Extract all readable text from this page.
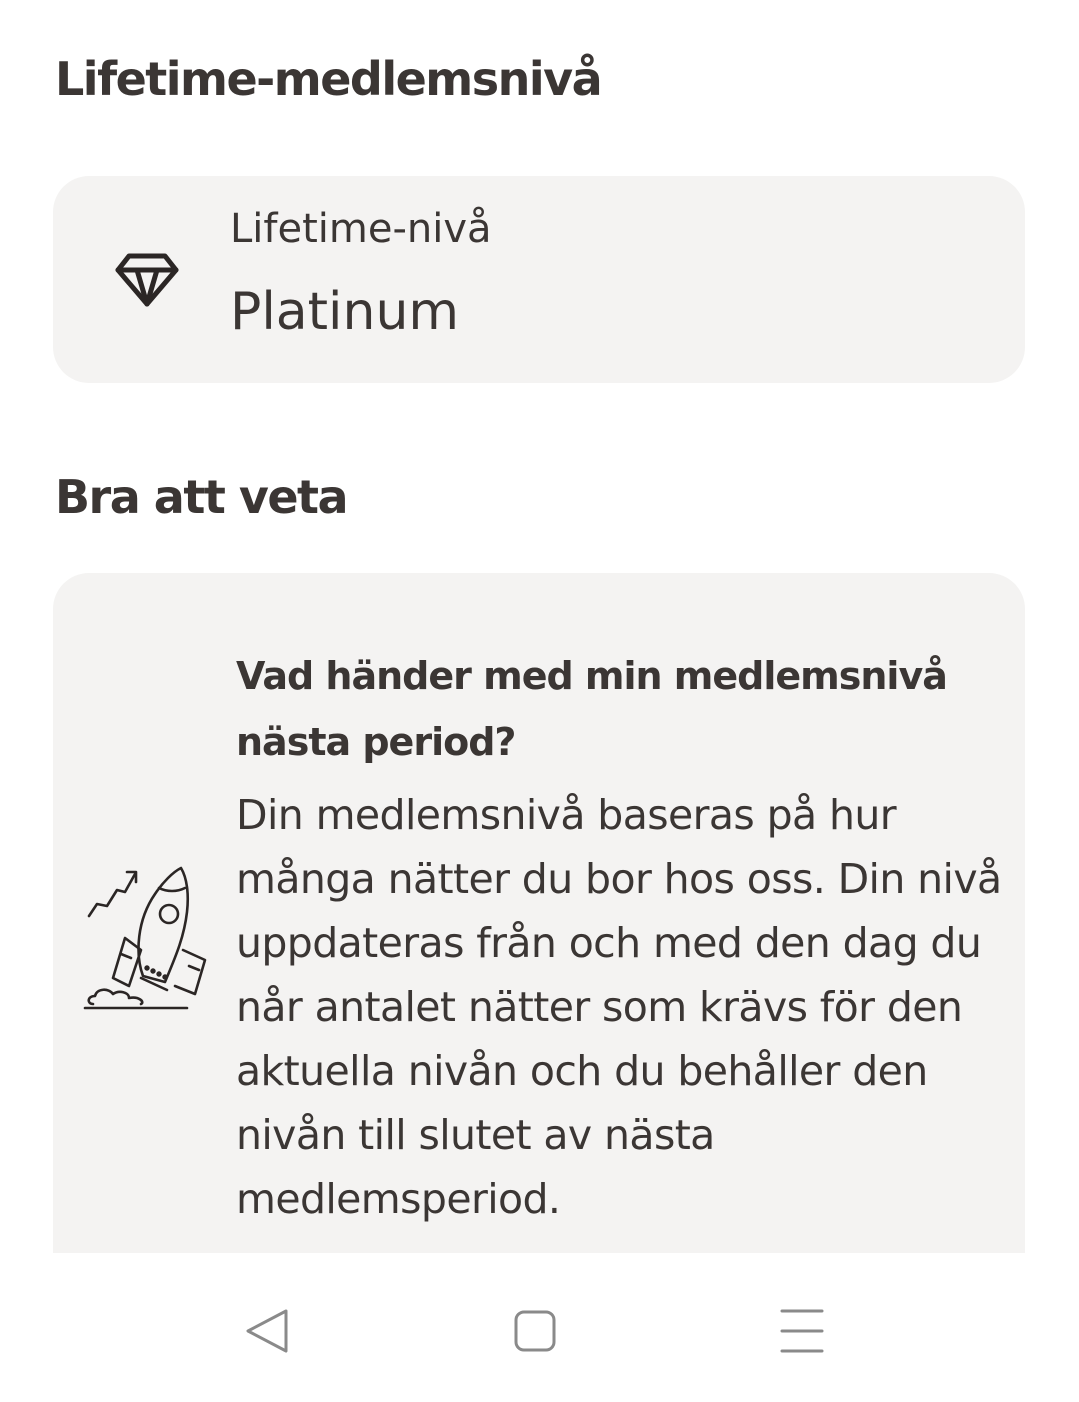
Lifetime-medlemsnivå
Lifetime-nivå
Platinum
Bra att veta

Vad händer med min medlemsnivå nästa period?

Din medlemsnivå baseras på hur många nätter du bor hos oss. Din nivå uppdateras från och med den dag du når antalet nätter som krävs för den aktuella nivån och du behåller den nivån till slutet av nästa medlemsperiod.
